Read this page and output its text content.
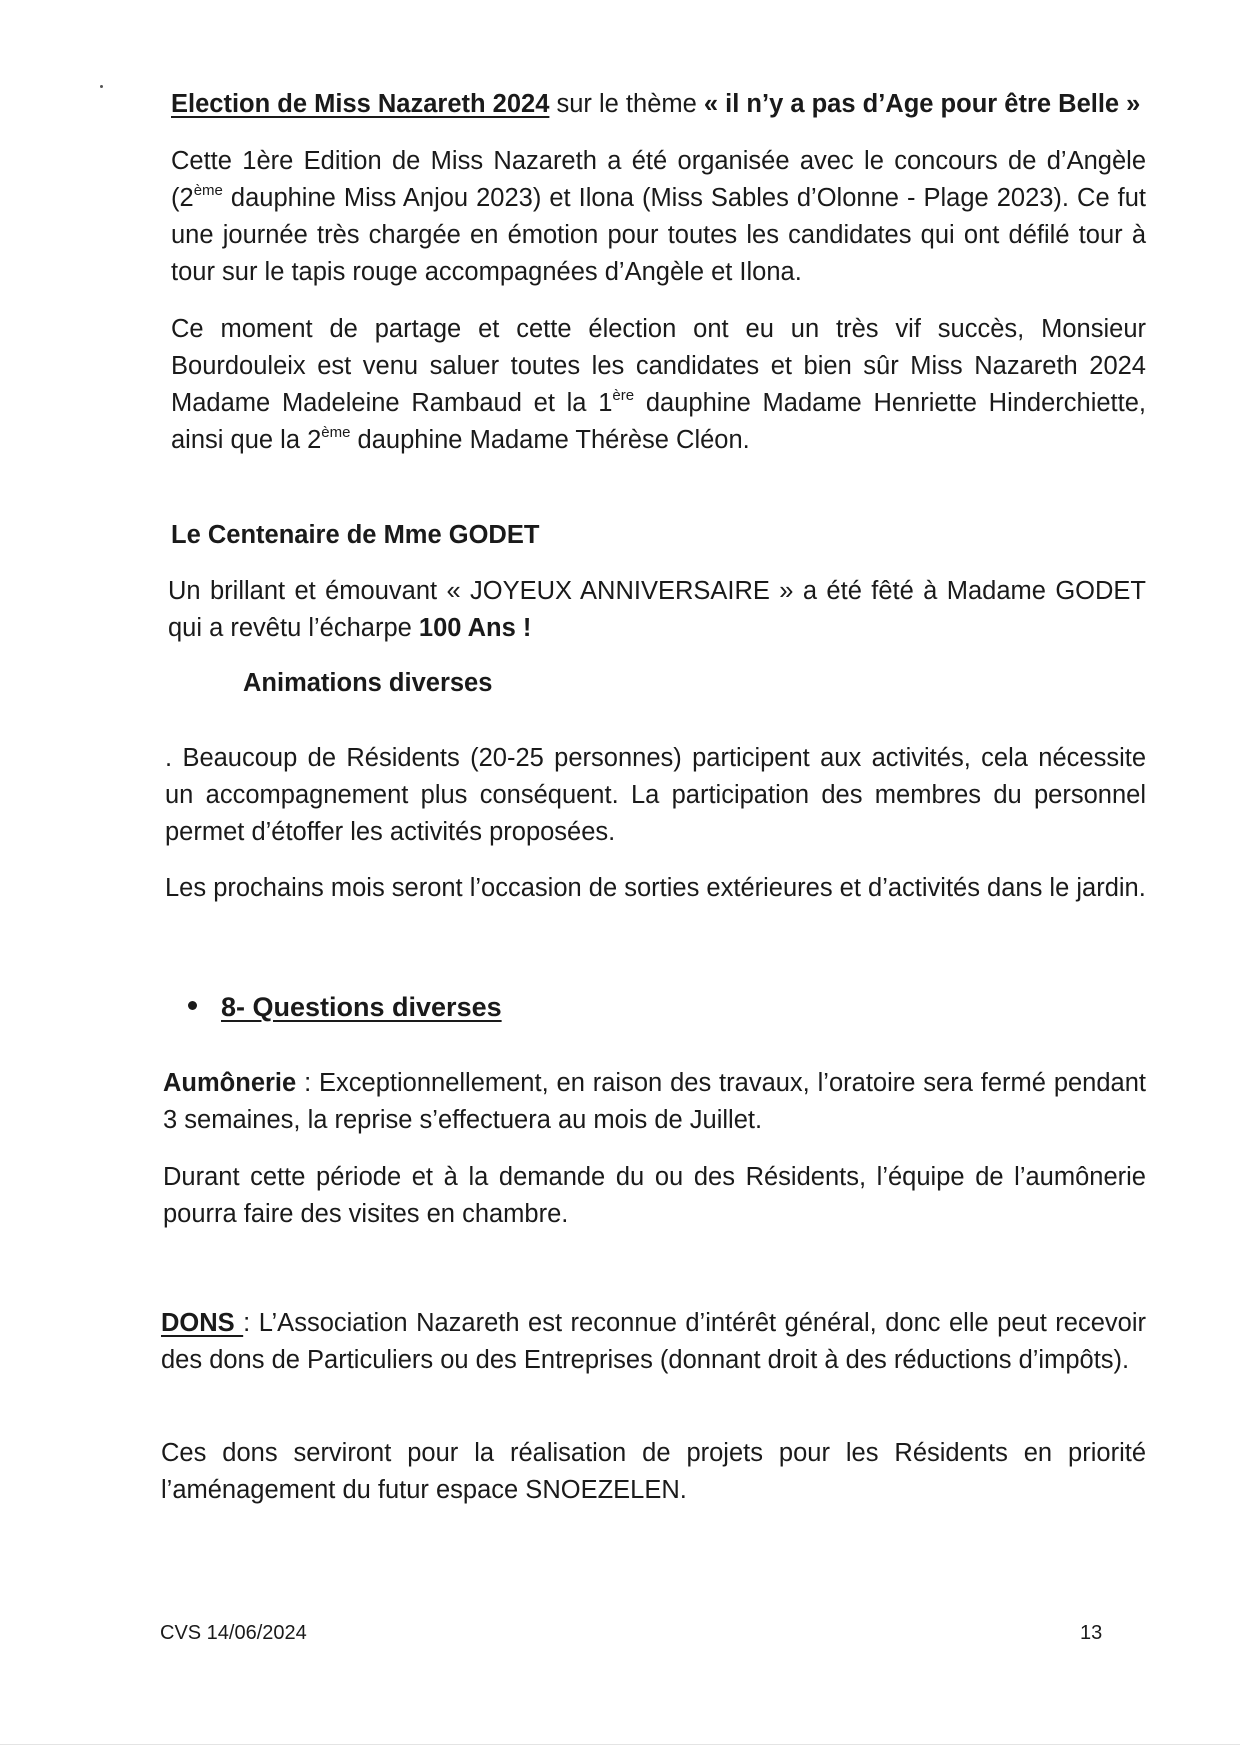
Election de Miss Nazareth 2024 sur le thème « il n’y a pas d’Age pour être Belle »

Cette 1ère Edition de Miss Nazareth a été organisée avec le concours de d’Angèle (2ème dauphine Miss Anjou 2023) et Ilona (Miss Sables d’Olonne - Plage 2023). Ce fut une journée très chargée en émotion pour toutes les candidates qui ont défilé tour à tour sur le tapis rouge accompagnées d’Angèle et Ilona.

Ce moment de partage et cette élection ont eu un très vif succès, Monsieur Bourdouleix est venu saluer toutes les candidates et bien sûr Miss Nazareth 2024 Madame Madeleine Rambaud et la 1ère dauphine Madame Henriette Hinderchiette, ainsi que la 2ème dauphine Madame Thérèse Cléon.

Le Centenaire de Mme GODET

Un brillant et émouvant « JOYEUX ANNIVERSAIRE » a été fêté à Madame GODET qui a revêtu l’écharpe 100 Ans !

Animations diverses

. Beaucoup de Résidents (20-25 personnes) participent aux activités, cela nécessite un accompagnement plus conséquent. La participation des membres du personnel permet d’étoffer les activités proposées.

Les prochains mois seront l’occasion de sorties extérieures et d’activités dans le jardin.

8- Questions diverses

Aumônerie : Exceptionnellement, en raison des travaux, l’oratoire sera fermé pendant 3 semaines, la reprise s’effectuera au mois de Juillet.

Durant cette période et à la demande du ou des Résidents, l’équipe de l’aumônerie pourra faire des visites en chambre.

DONS : L’Association Nazareth est reconnue d’intérêt général, donc elle peut recevoir des dons de Particuliers ou des Entreprises (donnant droit à des réductions d’impôts).

Ces dons serviront pour la réalisation de projets pour les Résidents en priorité l’aménagement du futur espace SNOEZELEN.

CVS 14/06/2024	13
